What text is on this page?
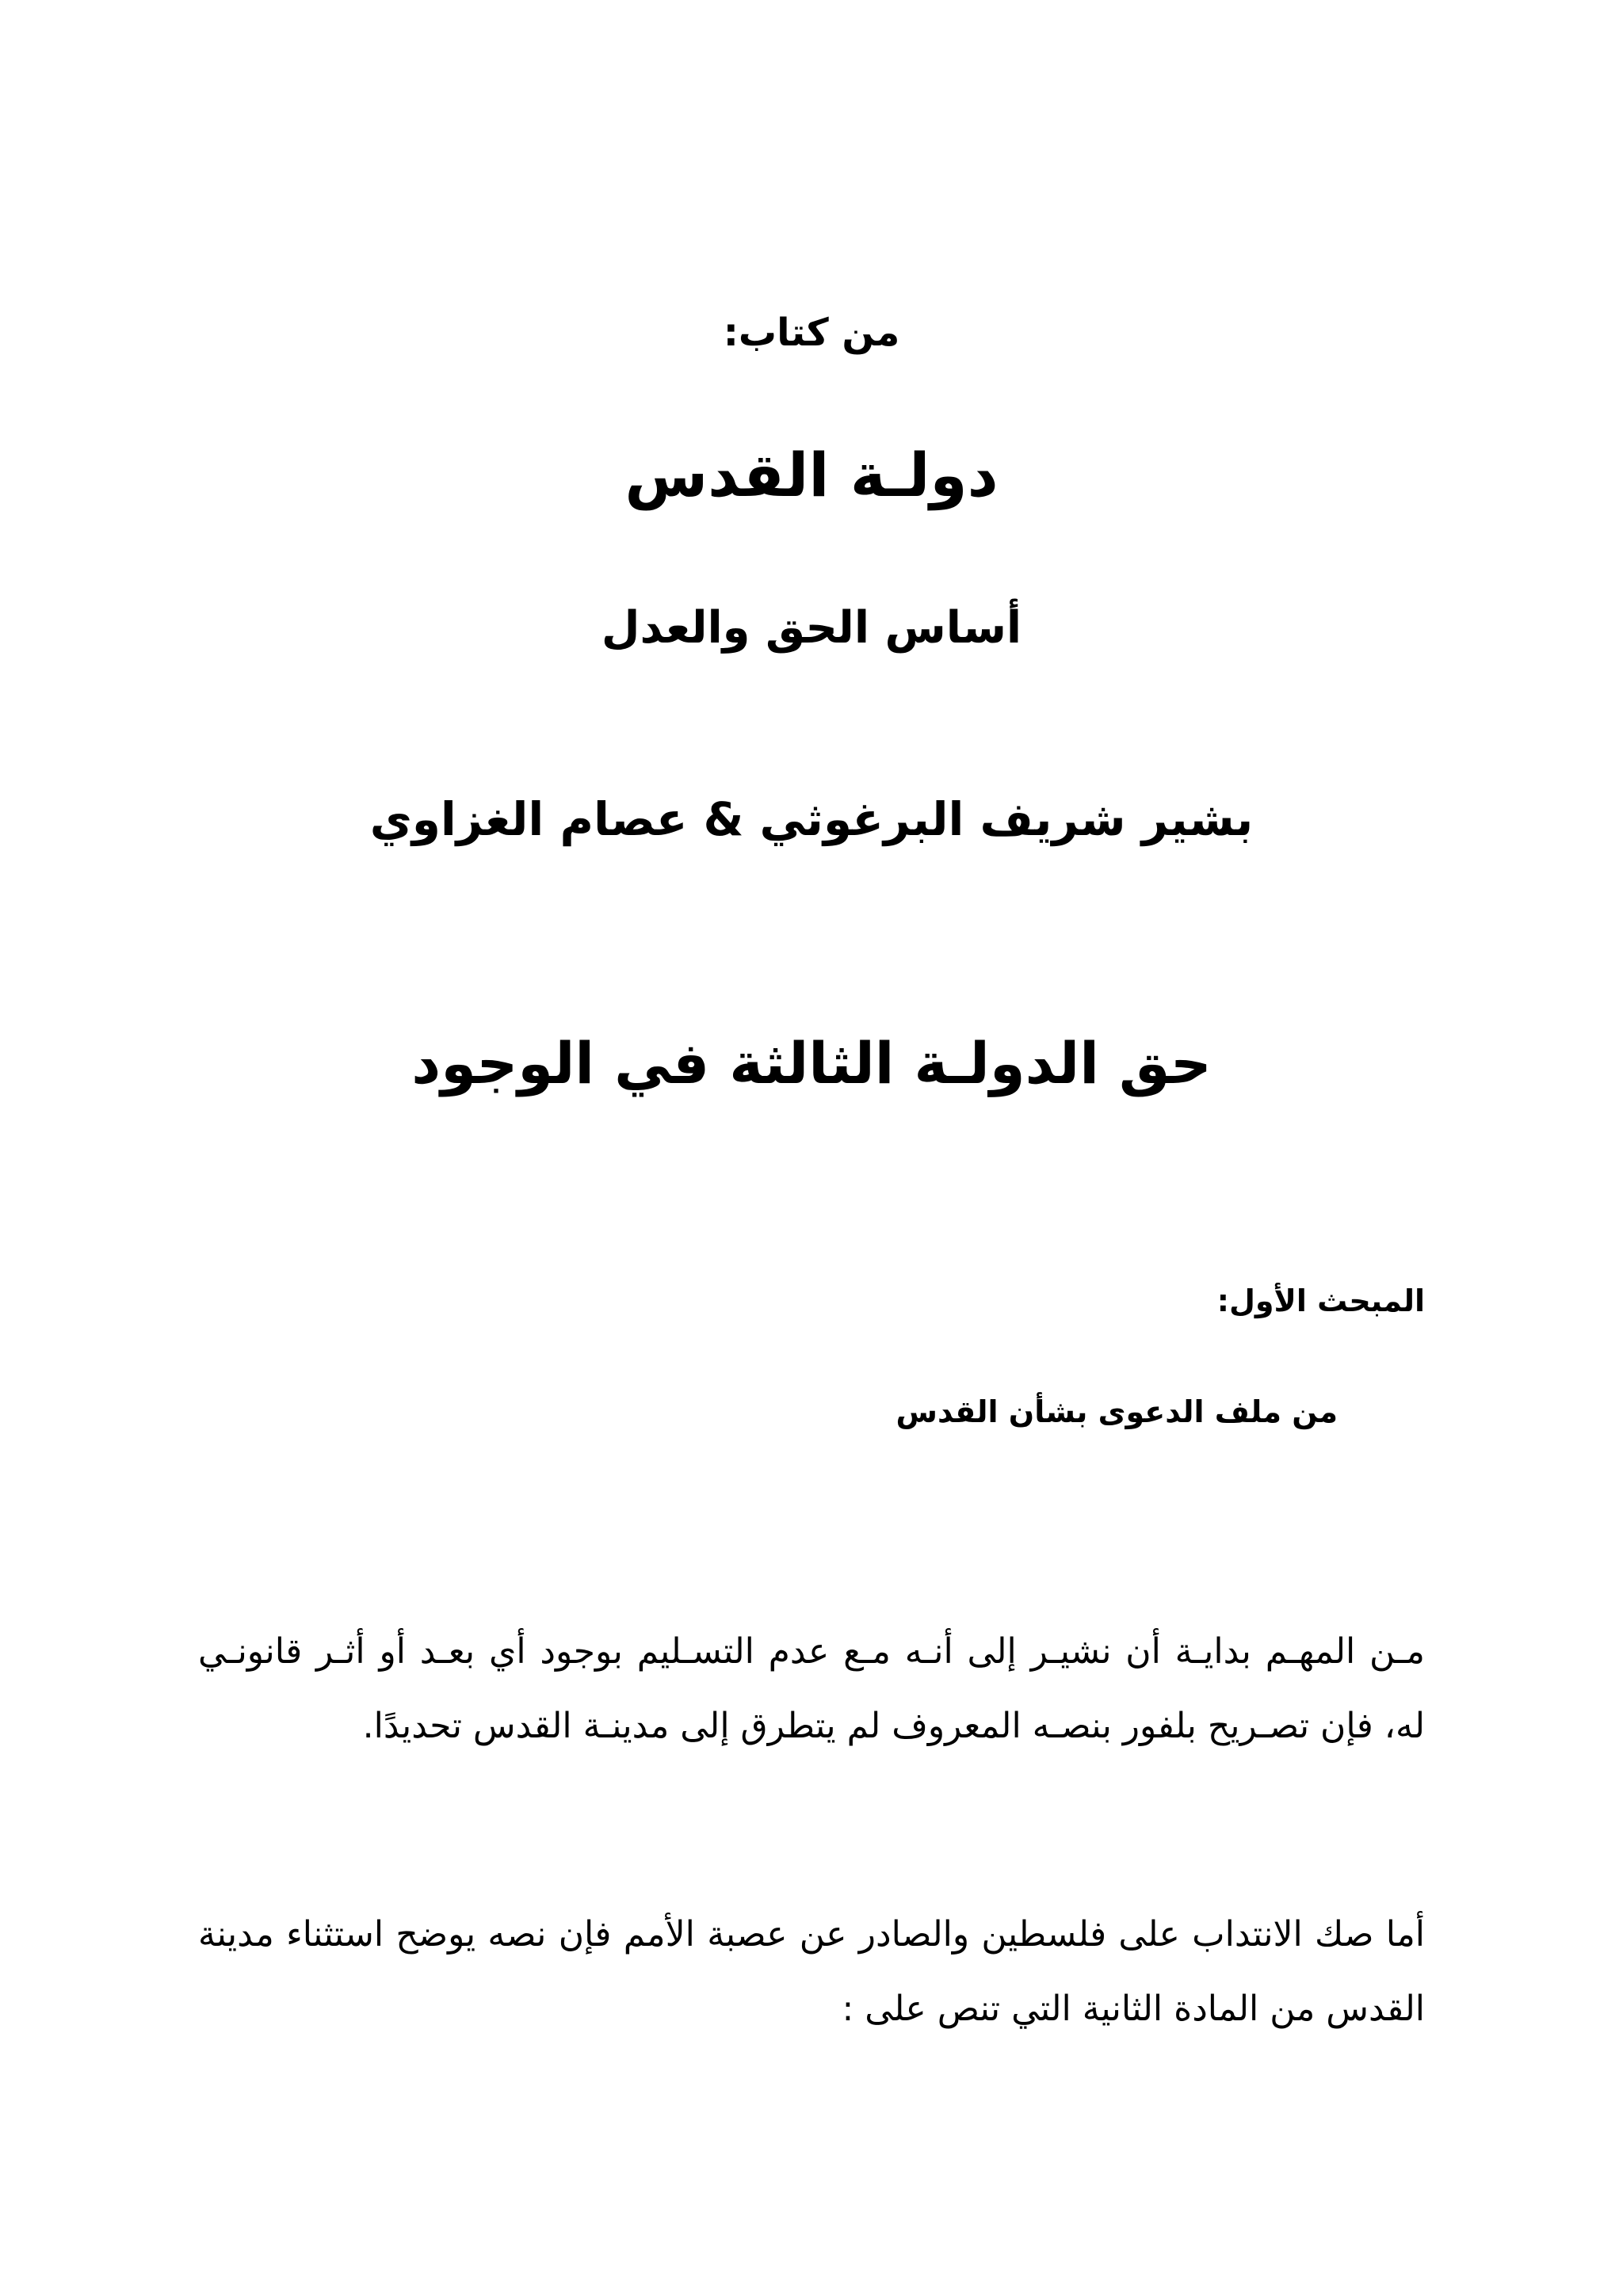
من كتاب:
دولـة القدس
أساس الحق والعدل
بشير شريف البرغوثي & عصام الغزاوي
حق الدولـة الثالثة في الوجود
المبحث الأول:
من ملف الدعوى بشأن القدس
مـن المهـم بدايـة أن نشيـر إلى أنـه مـع عدم التسـليم بوجود أي بعـد أو أثـر قانونـي له، فإن تصـريح بلفور بنصـه المعروف لم يتطرق إلى مدينـة القدس تحديدًا.
أما صك الانتداب على فلسطين والصادر عن عصبة الأمم فإن نصه يوضح استثناء مدينة القدس من المادة الثانية التي تنص على :
